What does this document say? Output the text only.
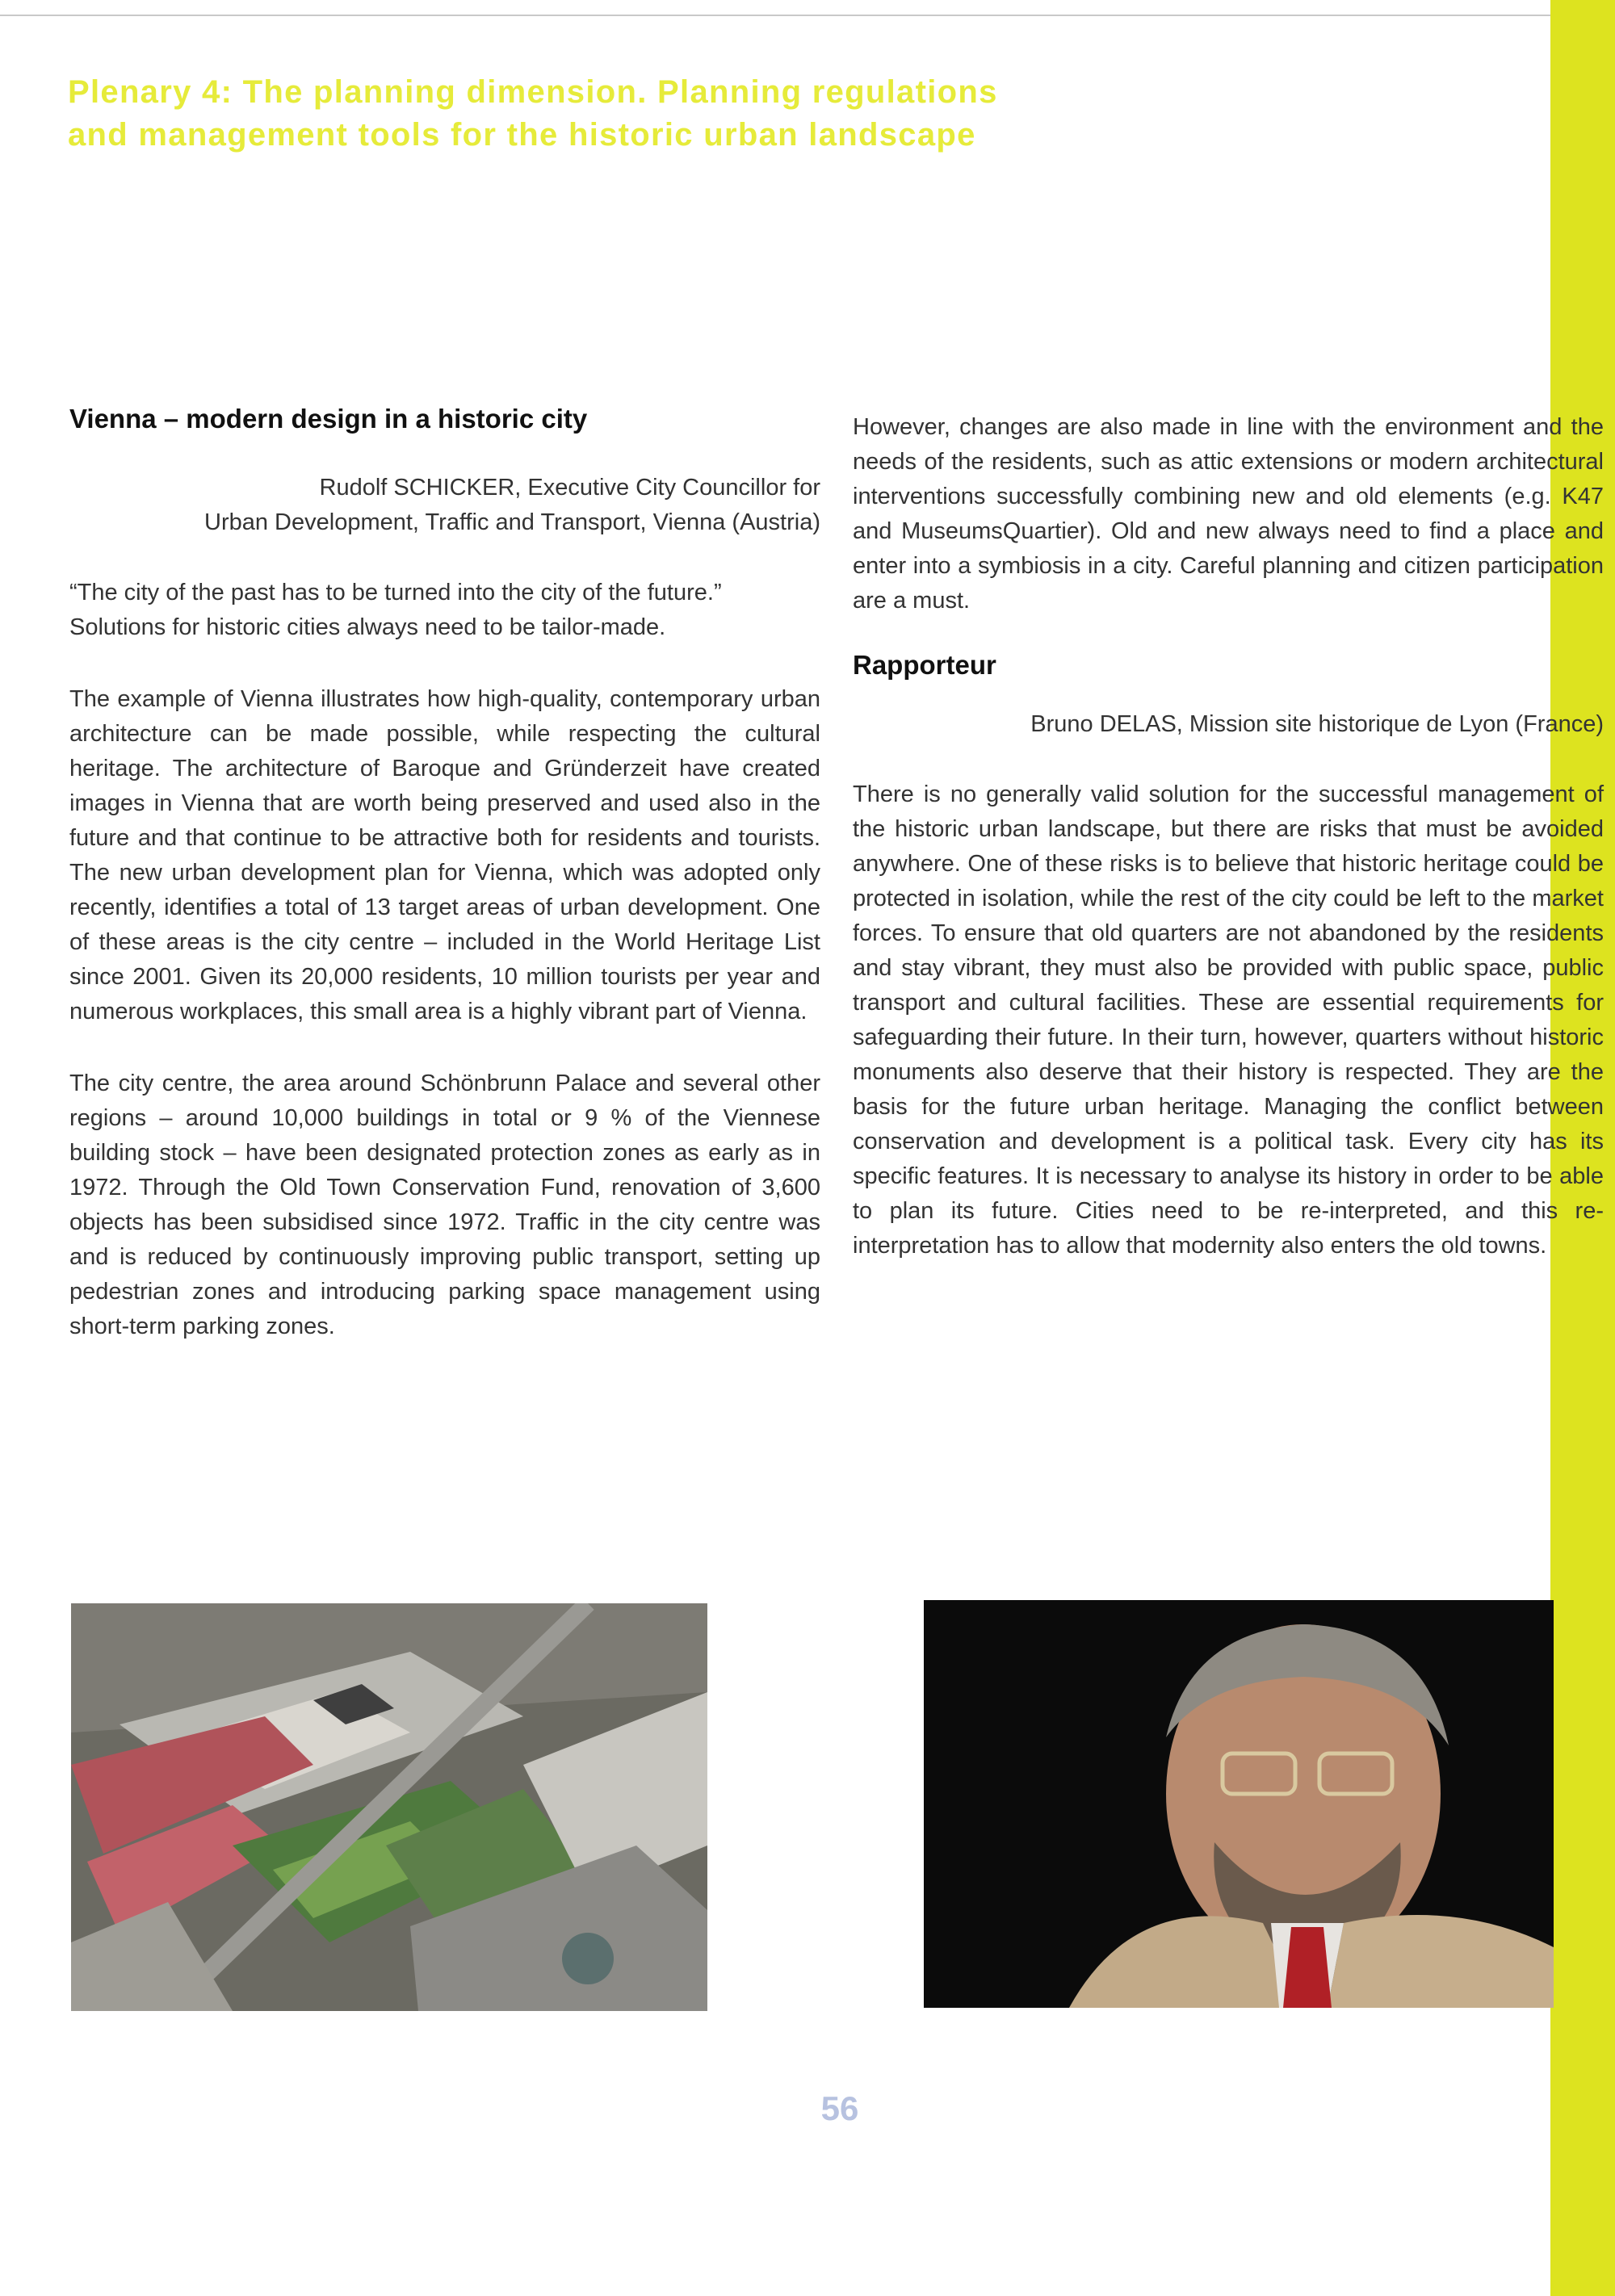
Plenary 4: The planning dimension. Planning regulations
and management tools for the historic urban landscape
Vienna – modern design in a historic city
Rudolf SCHICKER, Executive City Councillor for
Urban Development, Traffic and Transport, Vienna (Austria)

“The city of the past has to be turned into the city of the future.” Solutions for historic cities always need to be tailor-made.

The example of Vienna illustrates how high-quality, contemporary urban architecture can be made possible, while respecting the cultural heritage. The architecture of Baroque and Gründerzeit have created images in Vienna that are worth being preserved and used also in the future and that continue to be attractive both for residents and tourists. The new urban development plan for Vienna, which was adopted only recently, identifies a total of 13 target areas of urban development. One of these areas is the city centre – included in the World Heritage List since 2001. Given its 20,000 residents, 10 million tourists per year and numerous workplaces, this small area is a highly vibrant part of Vienna.

The city centre, the area around Schönbrunn Palace and several other regions – around 10,000 buildings in total or 9 % of the Viennese building stock – have been designated protection zones as early as in 1972. Through the Old Town Conservation Fund, renovation of 3,600 objects has been subsidised since 1972. Traffic in the city centre was and is reduced by continuously improving public transport, setting up pedestrian zones and introducing parking space management using short-term parking zones.

However, changes are also made in line with the environment and the needs of the residents, such as attic extensions or modern architectural interventions successfully combining new and old elements (e.g. K47 and MuseumsQuartier). Old and new always need to find a place and enter into a symbiosis in a city. Careful planning and citizen participation are a must.

Rapporteur
Bruno DELAS, Mission site historique de Lyon (France)

There is no generally valid solution for the successful management of the historic urban landscape, but there are risks that must be avoided anywhere. One of these risks is to believe that historic heritage could be protected in isolation, while the rest of the city could be left to the market forces. To ensure that old quarters are not abandoned by the residents and stay vibrant, they must also be provided with public space, public transport and cultural facilities. These are essential requirements for safeguarding their future. In their turn, however, quarters without historic monuments also deserve that their history is respected. They are the basis for the future urban heritage. Managing the conflict between conservation and development is a political task. Every city has its specific features. It is necessary to analyse its history in order to be able to plan its future. Cities need to be re-interpreted, and this re-interpretation has to allow that modernity also enters the old towns.

56
